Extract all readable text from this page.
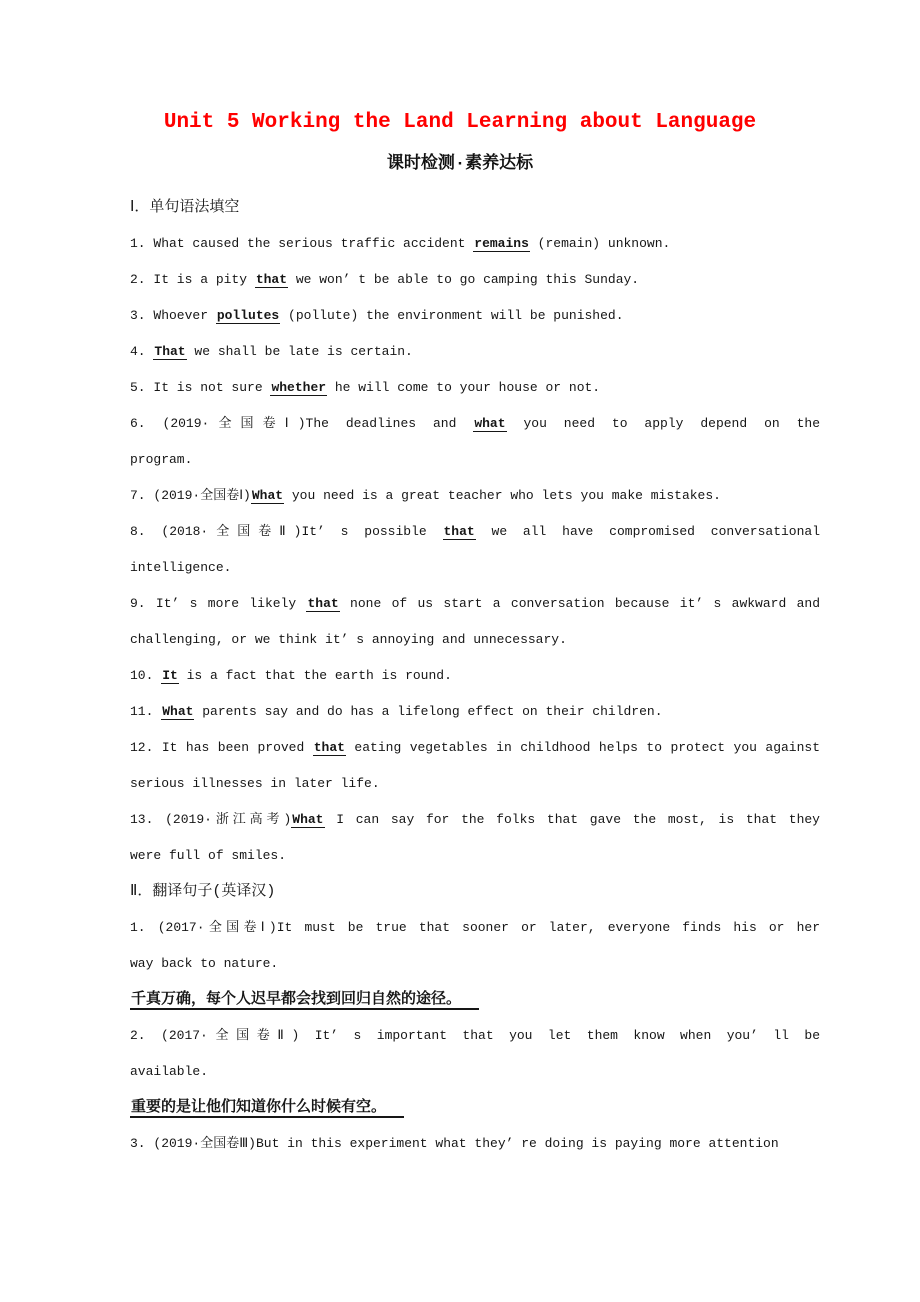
Unit 5 Working the Land Learning about Language
课时检测·素养达标
Ⅰ．单句语法填空
1. What caused the serious traffic accident remains (remain) unknown.
2. It is a pity that we won’ t be able to go camping this Sunday.
3. Whoever pollutes (pollute) the environment will be punished.
4. That we shall be late is certain.
5. It is not sure whether he will come to your house or not.
6. (2019·全国卷Ⅰ)The deadlines and what you need to apply depend on the
program.
7. (2019·全国卷Ⅰ)What you need is a great teacher who lets you make mistakes.
8. (2018·全国卷Ⅱ)It’ s possible that we all have compromised conversational
intelligence.
9. It’ s more likely that none of us start a conversation because it’ s awkward and
challenging, or we think it’ s annoying and unnecessary.
10. It is a fact that the earth is round.
11. What parents say and do has a lifelong effect on their children.
12. It has been proved that eating vegetables in childhood helps to protect you against
serious illnesses in later life.
13. (2019·浙江高考)What I can say for the folks that gave the most, is that they
were full of smiles.
Ⅱ．翻译句子(英译汉)
1. (2017·全国卷Ⅰ)It must be true that sooner or later, everyone finds his or her
way back to nature.
千真万确，每个人迟早都会找到回归自然的途径。
2. (2017·全国卷Ⅱ) It’ s important that you let them know when you’ ll be
available.
重要的是让他们知道你什么时候有空。
3. (2019·全国卷Ⅲ)But in this experiment what they’ re doing is paying more attention
